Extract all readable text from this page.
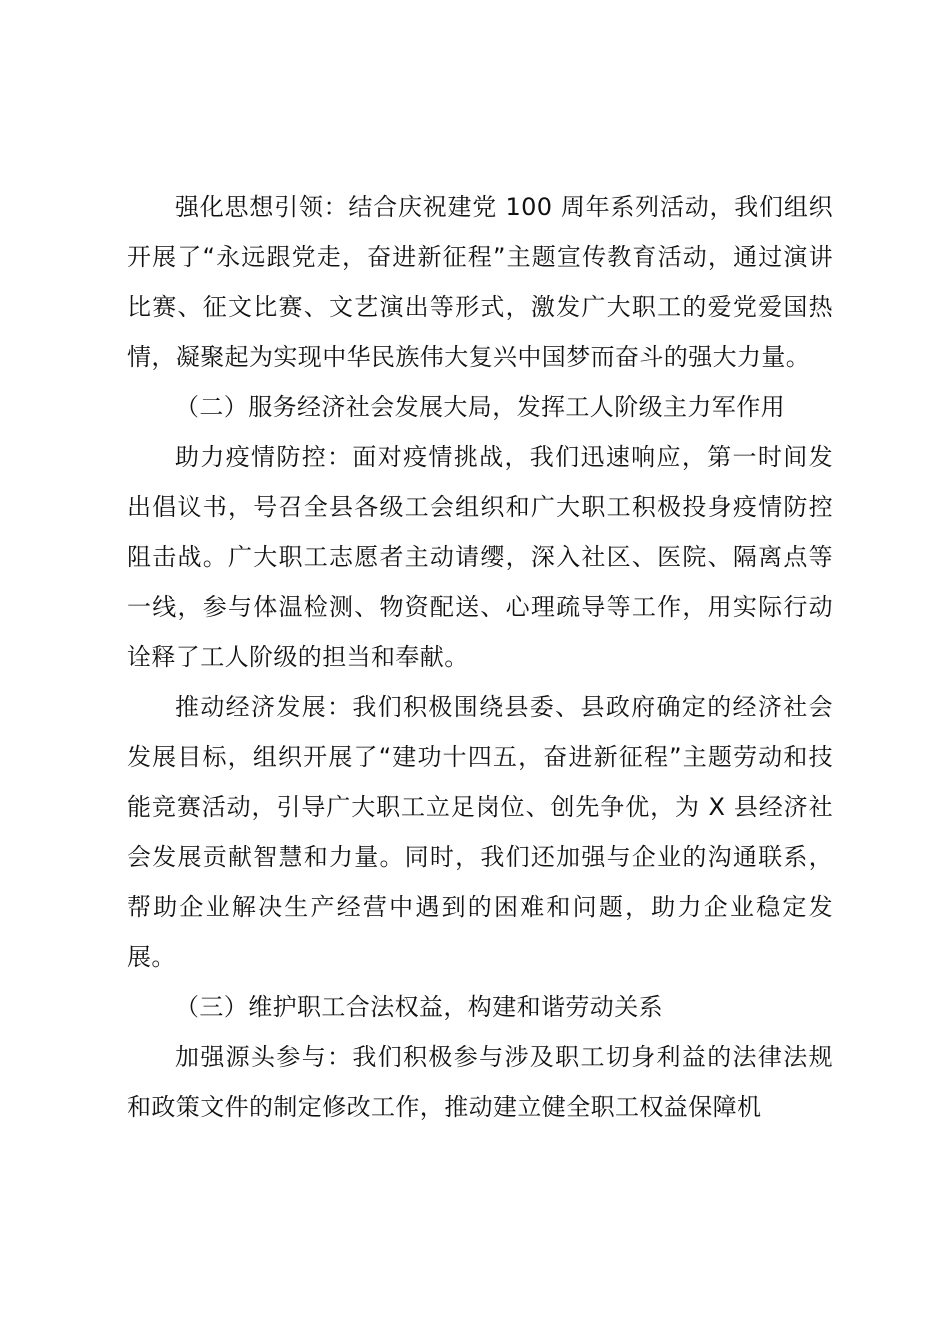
强化思想引领：结合庆祝建党 100 周年系列活动，我们组织开展了“永远跟党走，奋进新征程”主题宣传教育活动，通过演讲比赛、征文比赛、文艺演出等形式，激发广大职工的爱党爱国热情，凝聚起为实现中华民族伟大复兴中国梦而奋斗的强大力量。

（二）服务经济社会发展大局，发挥工人阶级主力军作用

助力疫情防控：面对疫情挑战，我们迅速响应，第一时间发出倡议书，号召全县各级工会组织和广大职工积极投身疫情防控阻击战。广大职工志愿者主动请缨，深入社区、医院、隔离点等一线，参与体温检测、物资配送、心理疏导等工作，用实际行动诠释了工人阶级的担当和奉献。

推动经济发展：我们积极围绕县委、县政府确定的经济社会发展目标，组织开展了“建功十四五，奋进新征程”主题劳动和技能竞赛活动，引导广大职工立足岗位、创先争优，为 X 县经济社会发展贡献智慧和力量。同时，我们还加强与企业的沟通联系，帮助企业解决生产经营中遇到的困难和问题，助力企业稳定发展。

（三）维护职工合法权益，构建和谐劳动关系

加强源头参与：我们积极参与涉及职工切身利益的法律法规和政策文件的制定修改工作，推动建立健全职工权益保障机
